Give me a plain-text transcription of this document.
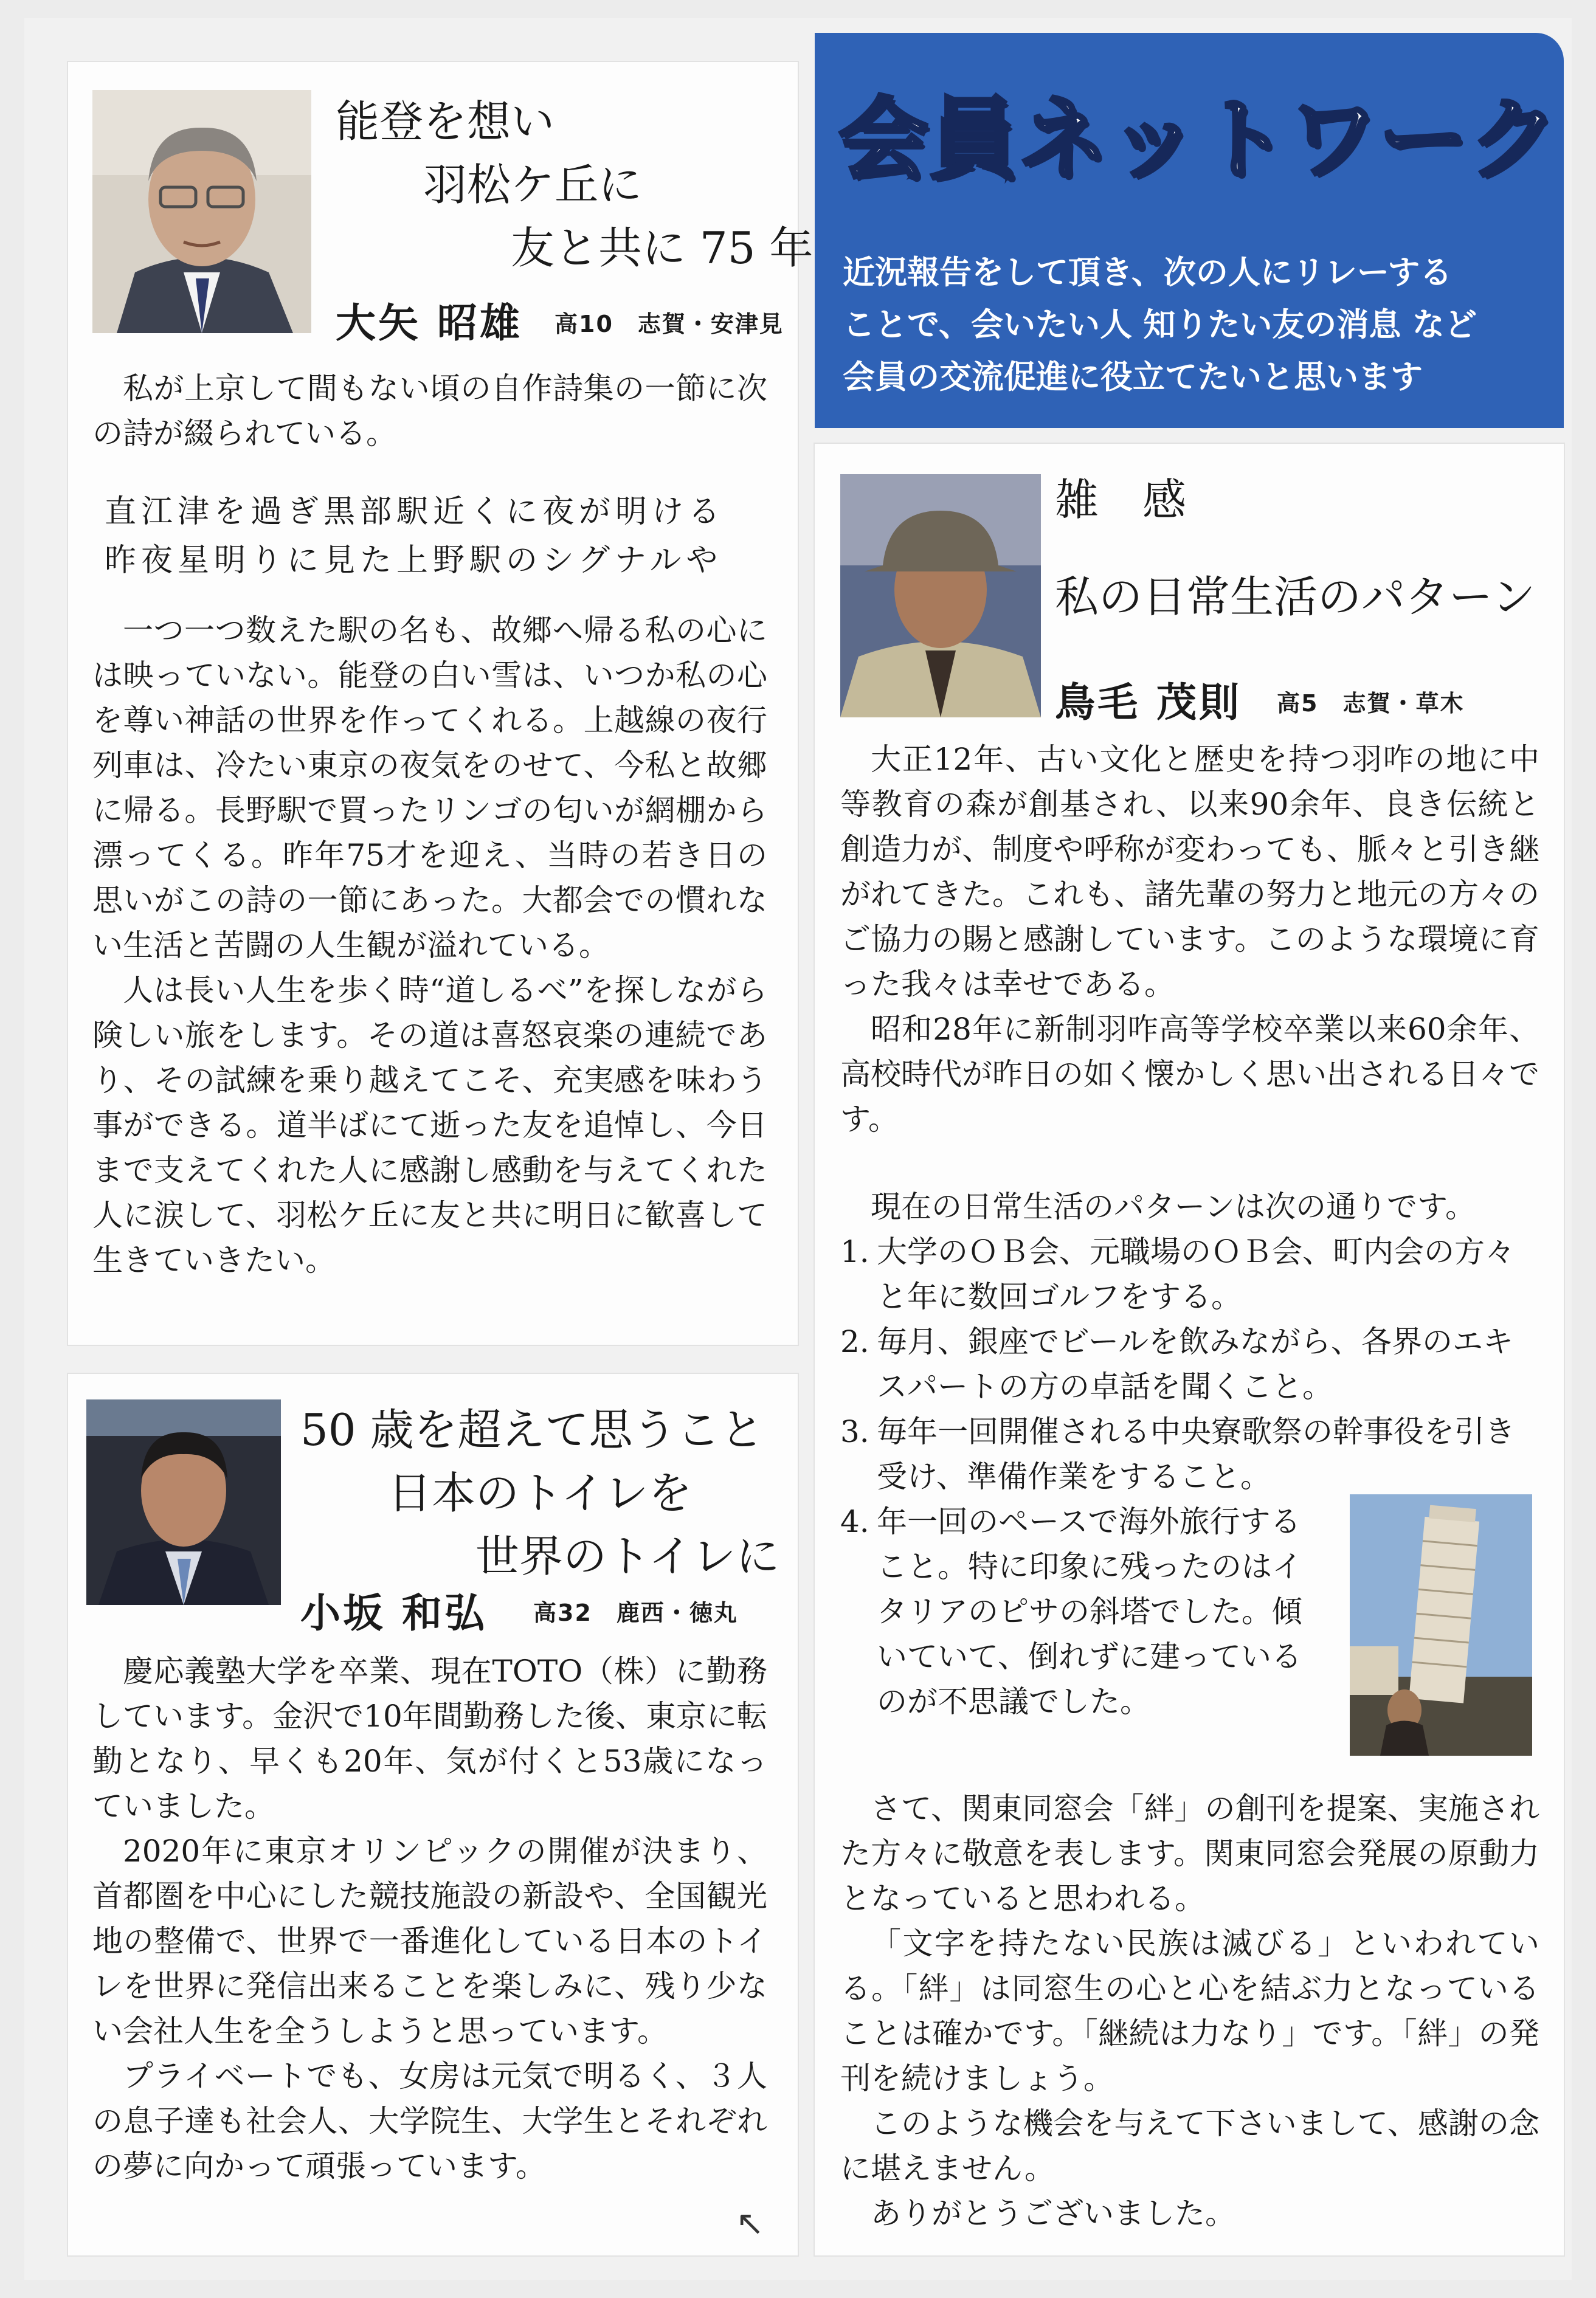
能登を想い
　　羽松ケ丘に
　　　　友と共に 75 年
大矢 昭雄 高10　志賀・安津見

私が上京して間もない頃の自作詩集の一節に次の詩が綴られている。

直江津を過ぎ黒部駅近くに夜が明ける
昨夜星明りに見た上野駅のシグナルや

一つ一つ数えた駅の名も、故郷へ帰る私の心には映っていない。能登の白い雪は、いつか私の心を尊い神話の世界を作ってくれる。上越線の夜行列車は、冷たい東京の夜気をのせて、今私と故郷に帰る。長野駅で買ったリンゴの匂いが網棚から漂ってくる。昨年75才を迎え、当時の若き日の思いがこの詩の一節にあった。大都会での慣れない生活と苦闘の人生観が溢れている。

人は長い人生を歩く時“道しるべ”を探しながら険しい旅をします。その道は喜怒哀楽の連続であり、その試練を乗り越えてこそ、充実感を味わう事ができる。道半ばにて逝った友を追悼し、今日まで支えてくれた人に感謝し感動を与えてくれた人に涙して、羽松ケ丘に友と共に明日に歓喜して生きていきたい。

50 歳を超えて思うこと
　　日本のトイレを
　　　　世界のトイレに
小坂 和弘 高32　鹿西・徳丸

慶応義塾大学を卒業、現在TOTO（株）に勤務しています。金沢で10年間勤務した後、東京に転勤となり、早くも20年、気が付くと53歳になっていました。

2020年に東京オリンピックの開催が決まり、首都圏を中心にした競技施設の新設や、全国観光地の整備で、世界で一番進化している日本のトイレを世界に発信出来ることを楽しみに、残り少ない会社人生を全うしようと思っています。

プライベートでも、女房は元気で明るく、３人の息子達も社会人、大学院生、大学生とそれぞれの夢に向かって頑張っています。

↖
会員ネットワーク
近況報告をして頂き、次の人にリレーする
ことで、会いたい人 知りたい友の消息 など
会員の交流促進に役立てたいと思います
雑　感
私の日常生活のパターン
鳥毛 茂則 高5　志賀・草木

大正12年、古い文化と歴史を持つ羽咋の地に中等教育の森が創基され、以来90余年、良き伝統と創造力が、制度や呼称が変わっても、脈々と引き継がれてきた。これも、諸先輩の努力と地元の方々のご協力の賜と感謝しています。このような環境に育った我々は幸せである。

昭和28年に新制羽咋高等学校卒業以来60余年、高校時代が昨日の如く懐かしく思い出される日々です。

現在の日常生活のパターンは次の通りです。

1. 大学のＯＢ会、元職場のＯＢ会、町内会の方々と年に数回ゴルフをする。
2. 毎月、銀座でビールを飲みながら、各界のエキスパートの方の卓話を聞くこと。
3. 毎年一回開催される中央寮歌祭の幹事役を引き受け、準備作業をすること。
4. 年一回のペースで海外旅行すること。特に印象に残ったのはイタリアのピサの斜塔でした。傾いていて、倒れずに建っているのが不思議でした。

さて、関東同窓会「絆」の創刊を提案、実施された方々に敬意を表します。関東同窓会発展の原動力となっていると思われる。

「文字を持たない民族は滅びる」といわれている。「絆」は同窓生の心と心を結ぶ力となっていることは確かです。「継続は力なり」です。「絆」の発刊を続けましょう。

このような機会を与えて下さいまして、感謝の念に堪えません。

ありがとうございました。
